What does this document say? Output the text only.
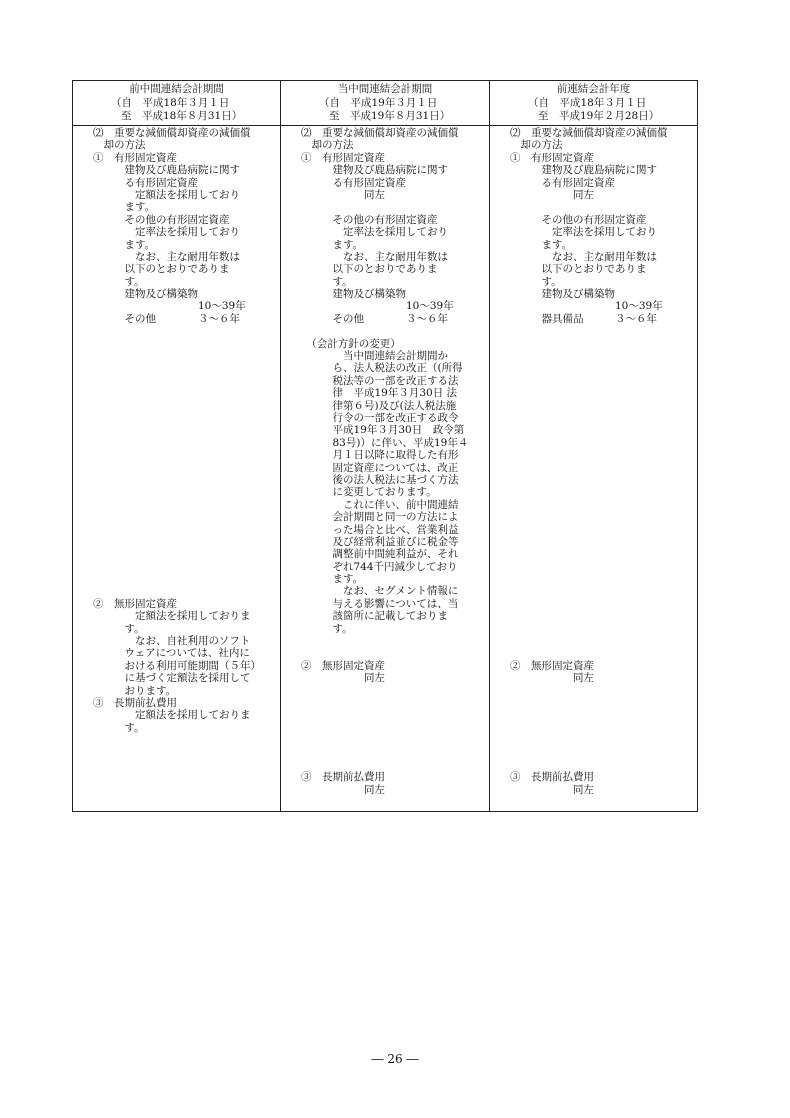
前中間連結会計期間
（自　平成18年３月１日
至　平成18年８月31日）
当中間連結会計期間
（自　平成19年３月１日
至　平成19年８月31日）
前連結会計年度
（自　平成18年３月１日
至　平成19年２月28日）
⑵　重要な減価償却資産の減価償
　却の方法
①　有形固定資産
　　　建物及び鹿島病院に関す
　　　る有形固定資産
　　　　定額法を採用しており
　　　ます。
　　　その他の有形固定資産
　　　　定率法を採用しており
　　　ます。
　　　　なお、主な耐用年数は
　　　以下のとおりでありま
　　　す。
　　　建物及び構築物
　　　　　　　　　　10～39年
　　　その他　　　　３～６年
②　無形固定資産
　　　　定額法を採用しておりま
　　　す。
　　　　なお、自社利用のソフト
　　　ウェアについては、社内に
　　　おける利用可能期間（５年）
　　　に基づく定額法を採用して
　　　おります。
③　長期前払費用
　　　　定額法を採用しておりま
　　　す。
⑵　重要な減価償却資産の減価償
　却の方法
①　有形固定資産
　　　建物及び鹿島病院に関す
　　　る有形固定資産
　　　　　　同左
　　　その他の有形固定資産
　　　　定率法を採用しており
　　　ます。
　　　　なお、主な耐用年数は
　　　以下のとおりでありま
　　　す。
　　　建物及び構築物
　　　　　　　　　　10～39年
　　　その他　　　　３～６年
　（会計方針の変更）
　　　　当中間連結会計期間か
　　　ら、法人税法の改正（(所得
　　　税法等の一部を改正する法
　　　律　平成19年３月30日 法
　　　律第６号)及び(法人税法施
　　　行令の一部を改正する政令
　　　平成19年３月30日　政令第
　　　83号)）に伴い、平成19年４
　　　月１日以降に取得した有形
　　　固定資産については、改正
　　　後の法人税法に基づく方法
　　　に変更しております。
　　　　これに伴い、前中間連結
　　　会計期間と同一の方法によ
　　　った場合と比べ、営業利益
　　　及び経常利益並びに税金等
　　　調整前中間純利益が、それ
　　　ぞれ744千円減少しており
　　　ます。
　　　　なお、セグメント情報に
　　　与える影響については、当
　　　該箇所に記載しておりま
　　　す。
②　無形固定資産
　　　　　　同左
③　長期前払費用
　　　　　　同左
⑵　重要な減価償却資産の減価償
　却の方法
①　有形固定資産
　　　建物及び鹿島病院に関す
　　　る有形固定資産
　　　　　　同左
　　　その他の有形固定資産
　　　　定率法を採用しており
　　　ます。
　　　　なお、主な耐用年数は
　　　以下のとおりでありま
　　　す。
　　　建物及び構築物
　　　　　　　　　　10～39年
　　　器具備品　　　３～６年
②　無形固定資産
　　　　　　同左
③　長期前払費用
　　　　　　同左
― 26 ―
